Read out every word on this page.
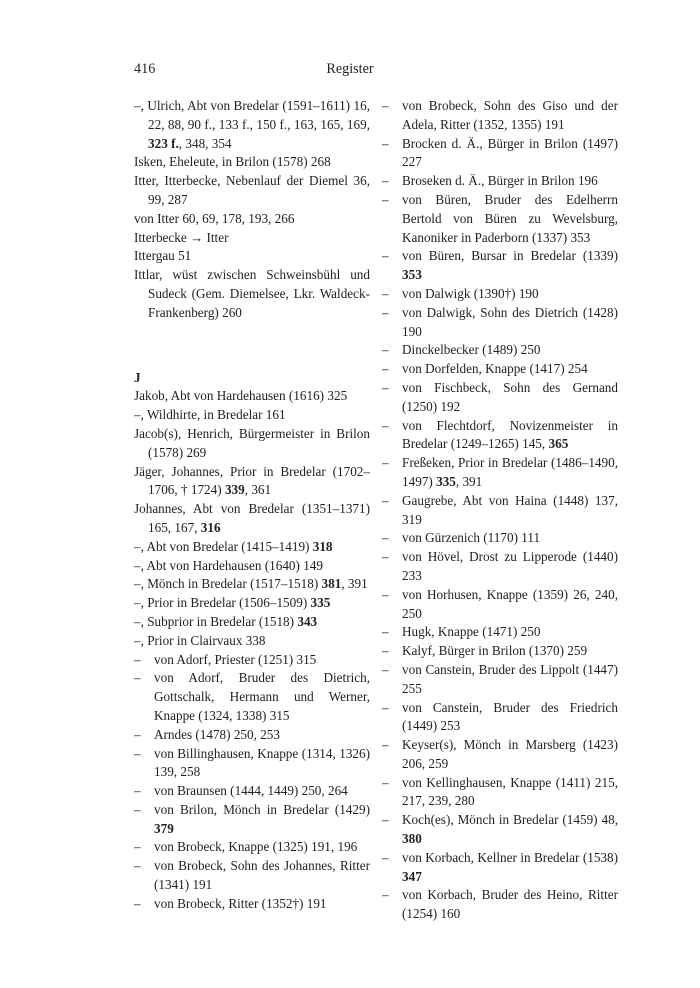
416	Register
–, Ulrich, Abt von Bredelar (1591–1611) 16, 22, 88, 90 f., 133 f., 150 f., 163, 165, 169, 323 f., 348, 354
Isken, Eheleute, in Brilon (1578) 268
Itter, Itterbecke, Nebenlauf der Diemel 36, 99, 287
von Itter 60, 69, 178, 193, 266
Itterbecke → Itter
Ittergau 51
Ittlar, wüst zwischen Schweinsbühl und Sudeck (Gem. Diemelsee, Lkr. Waldeck-Frankenberg) 260
J
Jakob, Abt von Hardehausen (1616) 325
–, Wildhirte, in Bredelar 161
Jacob(s), Henrich, Bürgermeister in Brilon (1578) 269
Jäger, Johannes, Prior in Bredelar (1702–1706, † 1724) 339, 361
Johannes, Abt von Bredelar (1351–1371) 165, 167, 316
–, Abt von Bredelar (1415–1419) 318
–, Abt von Hardehausen (1640) 149
–, Mönch in Bredelar (1517–1518) 381, 391
–, Prior in Bredelar (1506–1509) 335
–, Subprior in Bredelar (1518) 343
–, Prior in Clairvaux 338
– von Adorf, Priester (1251) 315
– von Adorf, Bruder des Dietrich, Gottschalk, Hermann und Werner, Knappe (1324, 1338) 315
– Arndes (1478) 250, 253
– von Billinghausen, Knappe (1314, 1326) 139, 258
– von Braunsen (1444, 1449) 250, 264
– von Brilon, Mönch in Bredelar (1429) 379
– von Brobeck, Knappe (1325) 191, 196
– von Brobeck, Sohn des Johannes, Ritter (1341) 191
– von Brobeck, Ritter (1352†) 191
– von Brobeck, Sohn des Giso und der Adela, Ritter (1352, 1355) 191
– Brocken d. Ä., Bürger in Brilon (1497) 227
– Broseken d. Ä., Bürger in Brilon 196
– von Büren, Bruder des Edelherrn Bertold von Büren zu Wevelsburg, Kanoniker in Paderborn (1337) 353
– von Büren, Bursar in Bredelar (1339) 353
– von Dalwigk (1390†) 190
– von Dalwigk, Sohn des Dietrich (1428) 190
– Dinckelbecker (1489) 250
– von Dorfelden, Knappe (1417) 254
– von Fischbeck, Sohn des Gernand (1250) 192
– von Flechtdorf, Novizenmeister in Bredelar (1249–1265) 145, 365
– Freßeken, Prior in Bredelar (1486–1490, 1497) 335, 391
– Gaugrebe, Abt von Haina (1448) 137, 319
– von Gürzenich (1170) 111
– von Hövel, Drost zu Lipperode (1440) 233
– von Horhusen, Knappe (1359) 26, 240, 250
– Hugk, Knappe (1471) 250
– Kalyf, Bürger in Brilon (1370) 259
– von Canstein, Bruder des Lippolt (1447) 255
– von Canstein, Bruder des Friedrich (1449) 253
– Keyser(s), Mönch in Marsberg (1423) 206, 259
– von Kellinghausen, Knappe (1411) 215, 217, 239, 280
– Koch(es), Mönch in Bredelar (1459) 48, 380
– von Korbach, Kellner in Bredelar (1538) 347
– von Korbach, Bruder des Heino, Ritter (1254) 160
